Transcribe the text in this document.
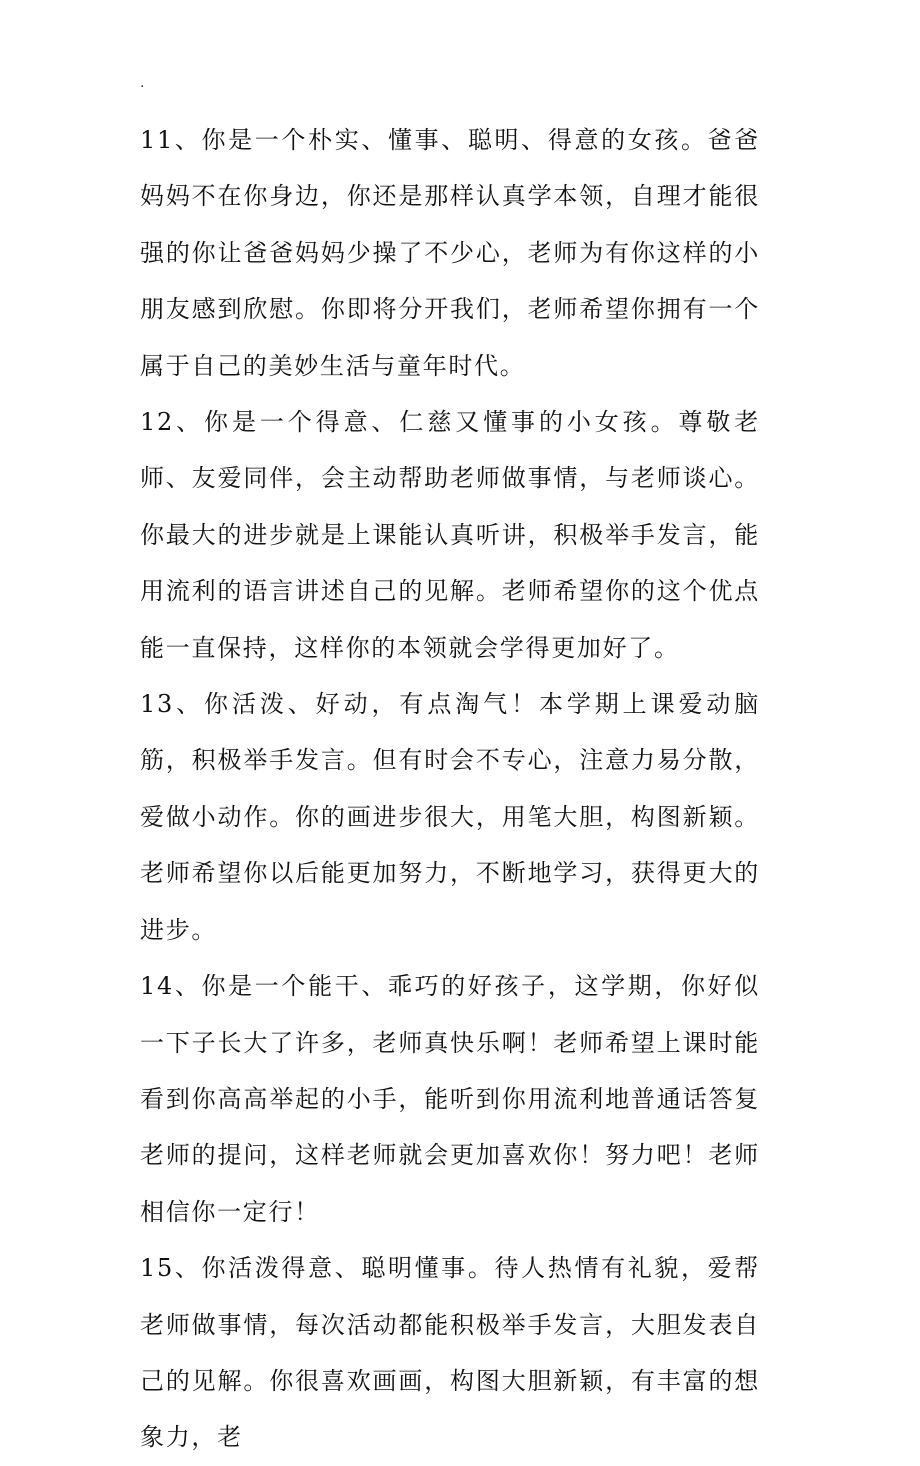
.

11、你是一个朴实、懂事、聪明、得意的女孩。爸爸妈妈不在你身边，你还是那样认真学本领，自理才能很强的你让爸爸妈妈少操了不少心，老师为有你这样的小朋友感到欣慰。你即将分开我们，老师希望你拥有一个属于自己的美妙生活与童年时代。

12、你是一个得意、仁慈又懂事的小女孩。尊敬老师、友爱同伴，会主动帮助老师做事情，与老师谈心。你最大的进步就是上课能认真听讲，积极举手发言，能用流利的语言讲述自己的见解。老师希望你的这个优点能一直保持，这样你的本领就会学得更加好了。

13、你活泼、好动，有点淘气！本学期上课爱动脑筋，积极举手发言。但有时会不专心，注意力易分散，爱做小动作。你的画进步很大，用笔大胆，构图新颖。老师希望你以后能更加努力，不断地学习，获得更大的进步。

14、你是一个能干、乖巧的好孩子，这学期，你好似一下子长大了许多，老师真快乐啊！老师希望上课时能看到你高高举起的小手，能听到你用流利地普通话答复老师的提问，这样老师就会更加喜欢你！努力吧！老师相信你一定行！

15、你活泼得意、聪明懂事。待人热情有礼貌，爱帮老师做事情，每次活动都能积极举手发言，大胆发表自己的见解。你很喜欢画画，构图大胆新颖，有丰富的想象力，老
